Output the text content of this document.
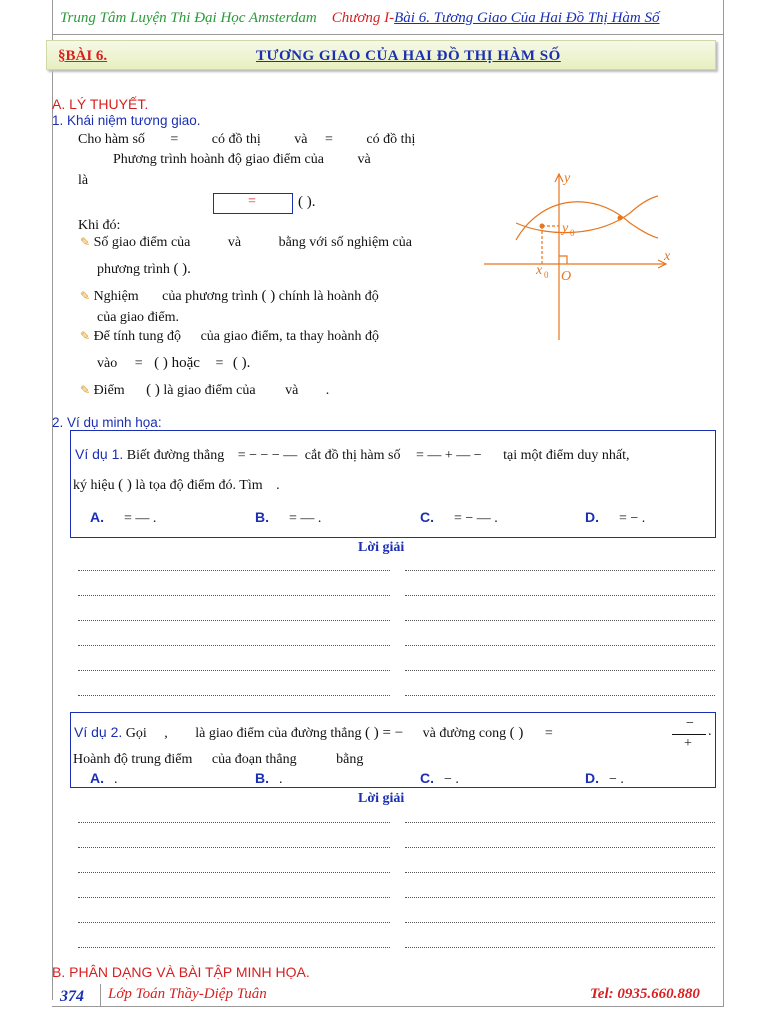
Trung Tâm Luyện Thi Đại Học Amsterdam Chương I-Bài 6. Tương Giao Của Hai Đồ Thị Hàm Số
§BÀI 6.	TƯƠNG GIAO CỦA HAI ĐỒ THỊ HÀM SỐ
A. LÝ THUYẾT.
1. Khái niệm tương giao.
Cho hàm số = có đồ thị và = có đồ thị
Phương trình hoành độ giao điểm của và
là
=	( ).
Khi đó:
✎ Số giao điểm của	và	bằng với số nghiệm của
phương trình ( ).
✎ Nghiệm của phương trình ( ) chính là hoành độ
của giao điểm.
✎ Để tính tung độ của giao điểm, ta thay hoành độ
vào = ( ) hoặc = ( ).
✎ Điểm ( ) là giao điểm của và .
x
y
x 0
y 0
O
2. Ví dụ minh họa:
Ví dụ 1. Biết đường thẳng = − − − — cắt đồ thị hàm số = — + — − tại một điểm duy nhất,
ký hiệu ( ) là tọa độ điểm đó. Tìm .
A. = — .	B. = — .	C. = − — .	D. = − .
Lời giải
Ví dụ 2. Gọi , là giao điểm của đường thẳng ( ) = − và đường cong ( ) =
−
+
.
Hoành độ trung điểm của đoạn thẳng	bằng
A. .	B. .	C. − .	D. − .
Lời giải
B. PHÂN DẠNG VÀ BÀI TẬP MINH HỌA.
374 Lớp Toán Thầy-Diệp Tuân	Tel: 0935.660.880
